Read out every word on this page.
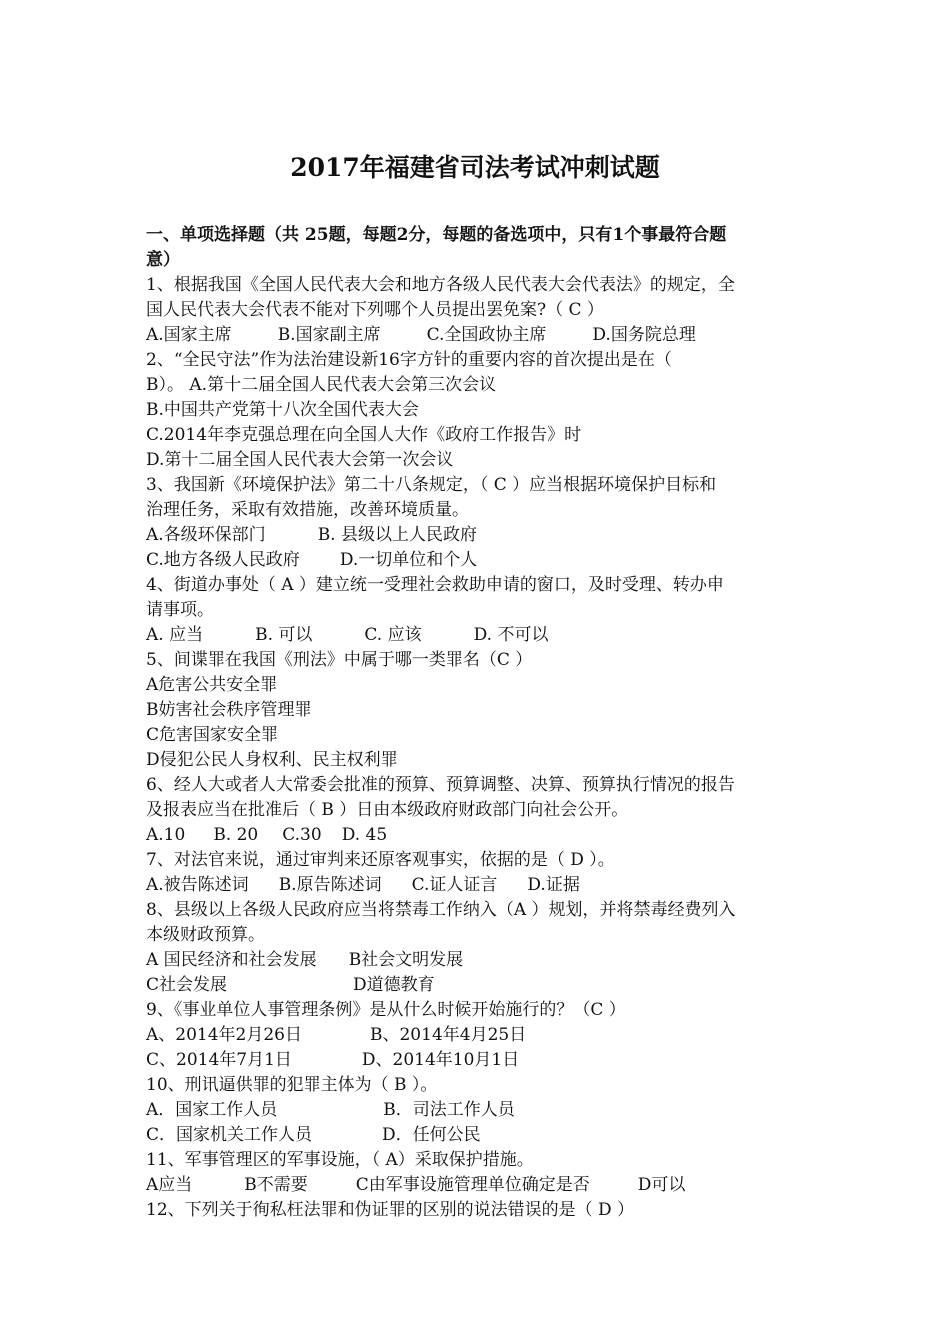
2017年福建省司法考试冲刺试题
一、单项选择题（共 25题，每题2分，每题的备选项中，只有1个事最符合题
意）
1、根据我国《全国人民代表大会和地方各级人民代表大会代表法》的规定，全
国人民代表大会代表不能对下列哪个人员提出罢免案?（ C ）
A.国家主席	B.国家副主席	C.全国政协主席	D.国务院总理
2、“全民守法”作为法治建设新16字方针的重要内容的首次提出是在（
B）。 A.第十二届全国人民代表大会第三次会议
B.中国共产党第十八次全国代表大会
C.2014年李克强总理在向全国人大作《政府工作报告》时
D.第十二届全国人民代表大会第一次会议
3、我国新《环境保护法》第二十八条规定，（ C ）应当根据环境保护目标和
治理任务，采取有效措施，改善环境质量。
A.各级环保部门	B. 县级以上人民政府
C.地方各级人民政府 D.一切单位和个人
4、街道办事处（ A ）建立统一受理社会救助申请的窗口，及时受理、转办申
请事项。
A. 应当	B. 可以	C. 应该	D. 不可以
5、间谍罪在我国《刑法》中属于哪一类罪名（C ）
A危害公共安全罪
B妨害社会秩序管理罪
C危害国家安全罪
D侵犯公民人身权利、民主权利罪
6、经人大或者人大常委会批准的预算、预算调整、决算、预算执行情况的报告
及报表应当在批准后（ B ）日由本级政府财政部门向社会公开。
A.10 B. 20 C.30 D. 45
7、对法官来说，通过审判来还原客观事实，依据的是（ D ）。
A.被告陈述词 B.原告陈述词 C.证人证言 D.证据
8、县级以上各级人民政府应当将禁毒工作纳入（A ）规划，并将禁毒经费列入
本级财政预算。
A 国民经济和社会发展 B社会文明发展
C社会发展	D道德教育
9、《事业单位人事管理条例》是从什么时候开始施行的？（C ）
A、2014年2月26日	B、2014年4月25日
C、2014年7月1日	D、2014年10月1日
10、刑讯逼供罪的犯罪主体为（ B ）。
A．国家工作人员	B．司法工作人员
C．国家机关工作人员	D．任何公民
11、军事管理区的军事设施，（ A）采取保护措施。
A应当	B不需要	C由军事设施管理单位确定是否	D可以
12、下列关于徇私枉法罪和伪证罪的区别的说法错误的是（ D ）
